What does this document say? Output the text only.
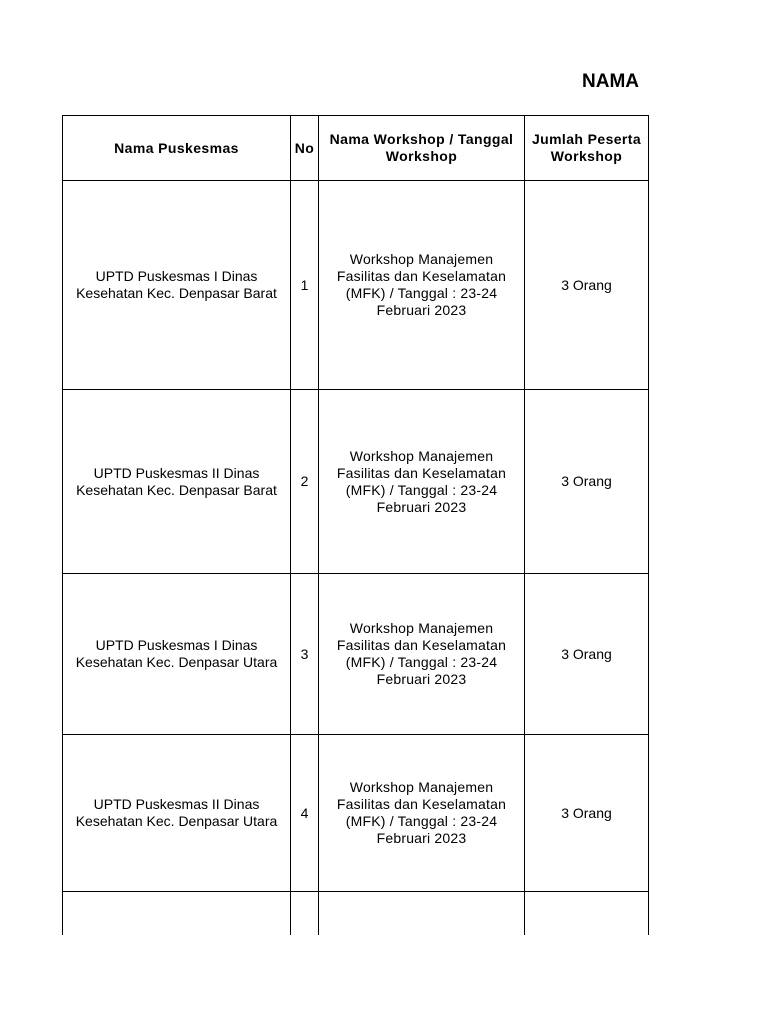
NAMA
Nama Puskesmas	No	Nama Workshop / Tanggal Workshop	Jumlah Peserta Workshop
UPTD Puskesmas I Dinas Kesehatan Kec. Denpasar Barat	1	Workshop Manajemen Fasilitas dan Keselamatan (MFK) / Tanggal : 23-24 Februari 2023	3 Orang
UPTD Puskesmas II Dinas Kesehatan Kec. Denpasar Barat	2	Workshop Manajemen Fasilitas dan Keselamatan (MFK) / Tanggal : 23-24 Februari 2023	3 Orang
UPTD Puskesmas I Dinas Kesehatan Kec. Denpasar Utara	3	Workshop Manajemen Fasilitas dan Keselamatan (MFK) / Tanggal : 23-24 Februari 2023	3 Orang
UPTD Puskesmas II Dinas Kesehatan Kec. Denpasar Utara	4	Workshop Manajemen Fasilitas dan Keselamatan (MFK) / Tanggal : 23-24 Februari 2023	3 Orang
